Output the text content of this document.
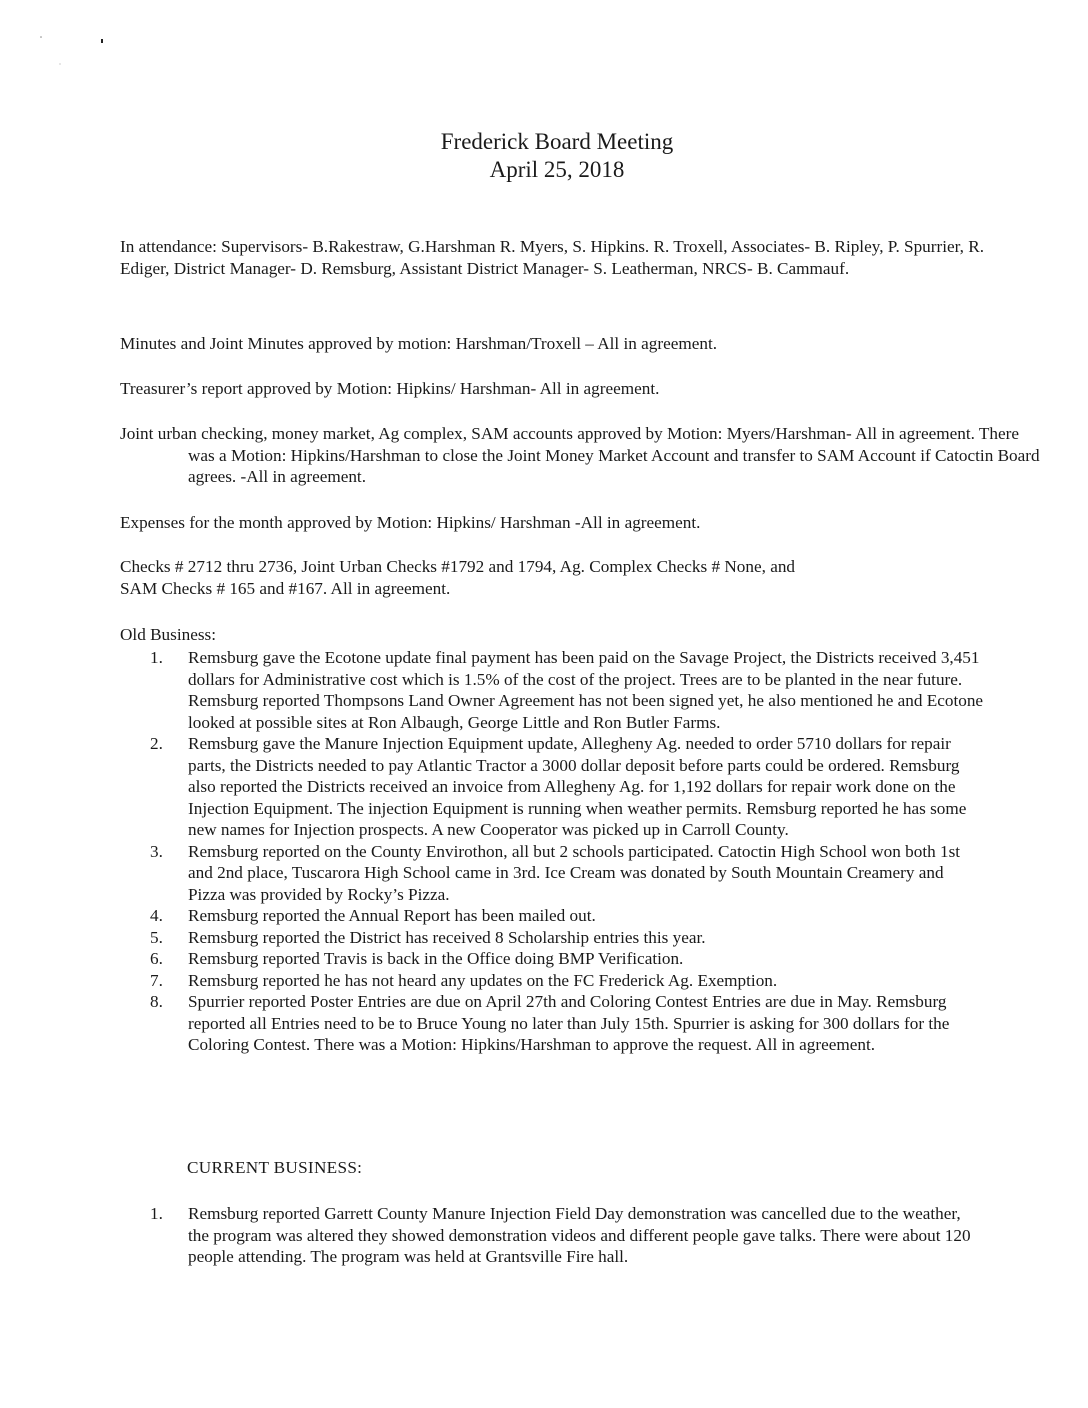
Frederick Board Meeting
April 25, 2018

In attendance: Supervisors- B.Rakestraw, G.Harshman R. Myers, S. Hipkins. R. Troxell, Associates- B. Ripley, P. Spurrier, R. Ediger, District Manager- D. Remsburg, Assistant District Manager- S. Leatherman, NRCS- B. Cammauf.

Minutes and Joint Minutes approved by motion: Harshman/Troxell – All in agreement.

Treasurer’s report approved by Motion: Hipkins/ Harshman- All in agreement.

Joint urban checking, money market, Ag complex, SAM accounts approved by Motion: Myers/Harshman- All in agreement. There was a Motion: Hipkins/Harshman to close the Joint Money Market Account and transfer to SAM Account if Catoctin Board agrees. -All in agreement.

Expenses for the month approved by Motion: Hipkins/ Harshman -All in agreement.

Checks # 2712 thru 2736, Joint Urban Checks #1792 and 1794, Ag. Complex Checks # None, and
SAM Checks # 165 and #167. All in agreement.
Old Business:
1. Remsburg gave the Ecotone update final payment has been paid on the Savage Project, the Districts received 3,451 dollars for Administrative cost which is 1.5% of the cost of the project. Trees are to be planted in the near future. Remsburg reported Thompsons Land Owner Agreement has not been signed yet, he also mentioned he and Ecotone looked at possible sites at Ron Albaugh, George Little and Ron Butler Farms.
2. Remsburg gave the Manure Injection Equipment update, Allegheny Ag. needed to order 5710 dollars for repair parts, the Districts needed to pay Atlantic Tractor a 3000 dollar deposit before parts could be ordered. Remsburg also reported the Districts received an invoice from Allegheny Ag. for 1,192 dollars for repair work done on the Injection Equipment. The injection Equipment is running when weather permits. Remsburg reported he has some new names for Injection prospects. A new Cooperator was picked up in Carroll County.
3. Remsburg reported on the County Envirothon, all but 2 schools participated. Catoctin High School won both 1st and 2nd place, Tuscarora High School came in 3rd. Ice Cream was donated by South Mountain Creamery and Pizza was provided by Rocky’s Pizza.
4. Remsburg reported the Annual Report has been mailed out.
5. Remsburg reported the District has received 8 Scholarship entries this year.
6. Remsburg reported Travis is back in the Office doing BMP Verification.
7. Remsburg reported he has not heard any updates on the FC Frederick Ag. Exemption.
8. Spurrier reported Poster Entries are due on April 27th and Coloring Contest Entries are due in May. Remsburg reported all Entries need to be to Bruce Young no later than July 15th. Spurrier is asking for 300 dollars for the Coloring Contest. There was a Motion: Hipkins/Harshman to approve the request. All in agreement.
CURRENT BUSINESS:
1. Remsburg reported Garrett County Manure Injection Field Day demonstration was cancelled due to the weather, the program was altered they showed demonstration videos and different people gave talks. There were about 120 people attending. The program was held at Grantsville Fire hall.
